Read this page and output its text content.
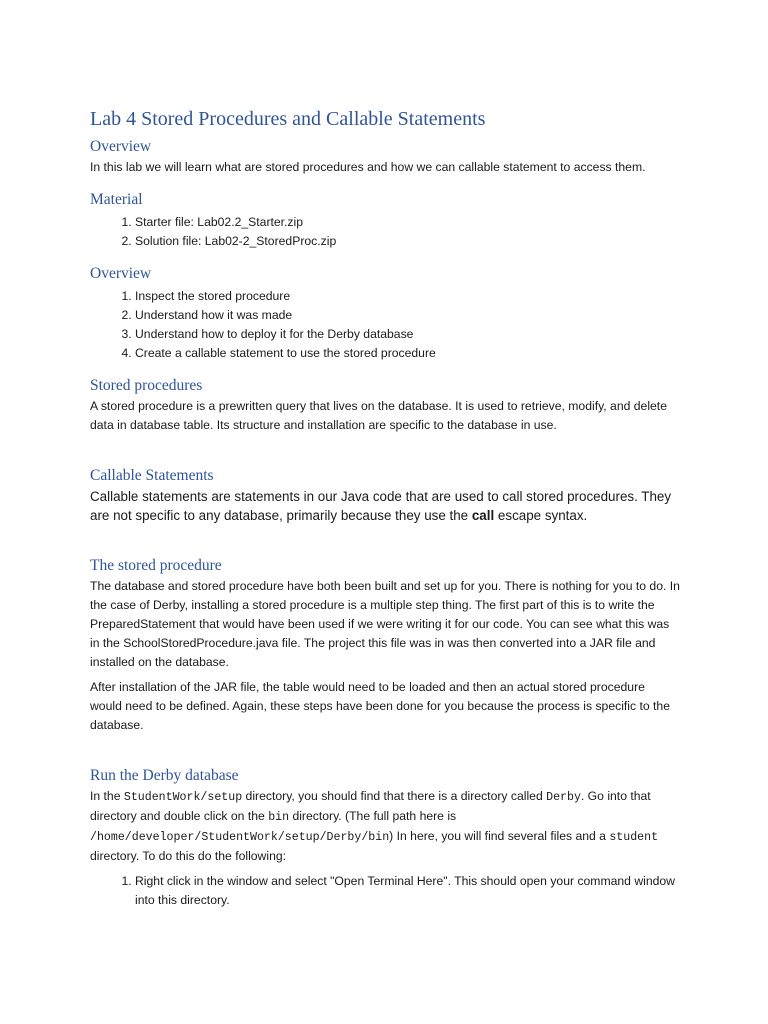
Lab 4 Stored Procedures and Callable Statements
Overview

In this lab we will learn what are stored procedures and how we can callable statement to access them.

Material
1. Starter file: Lab02.2_Starter.zip
2. Solution file: Lab02-2_StoredProc.zip
Overview
1. Inspect the stored procedure
2. Understand how it was made
3. Understand how to deploy it for the Derby database
4. Create a callable statement to use the stored procedure
Stored procedures

A stored procedure is a prewritten query that lives on the database. It is used to retrieve, modify, and delete data in database table. Its structure and installation are specific to the database in use.

Callable Statements

Callable statements are statements in our Java code that are used to call stored procedures. They are not specific to any database, primarily because they use the call escape syntax.

The stored procedure

The database and stored procedure have both been built and set up for you. There is nothing for you to do. In the case of Derby, installing a stored procedure is a multiple step thing. The first part of this is to write the PreparedStatement that would have been used if we were writing it for our code. You can see what this was in the SchoolStoredProcedure.java file. The project this file was in was then converted into a JAR file and installed on the database.

After installation of the JAR file, the table would need to be loaded and then an actual stored procedure would need to be defined. Again, these steps have been done for you because the process is specific to the database.

Run the Derby database

In the StudentWork/setup directory, you should find that there is a directory called Derby. Go into that directory and double click on the bin directory. (The full path here is /home/developer/StudentWork/setup/Derby/bin) In here, you will find several files and a student directory. To do this do the following:

1. Right click in the window and select "Open Terminal Here". This should open your command window into this directory.
